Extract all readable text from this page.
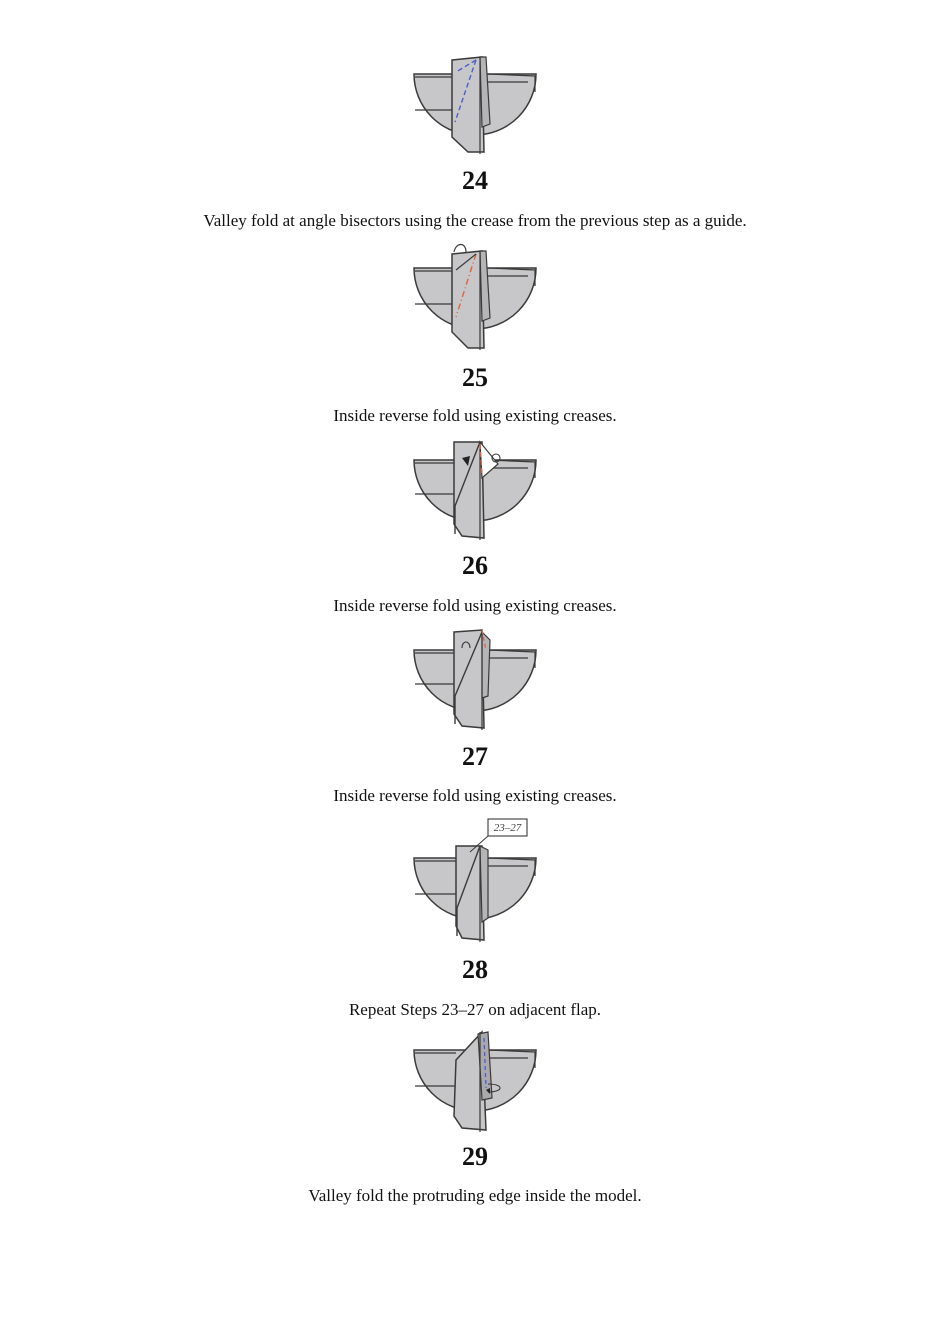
24
Valley fold at angle bisectors using the crease from the previous step as a guide.
25
Inside reverse fold using existing creases.
26
Inside reverse fold using existing creases.
27
Inside reverse fold using existing creases.
23–27
28
Repeat Steps 23–27 on adjacent flap.
29
Valley fold the protruding edge inside the model.
